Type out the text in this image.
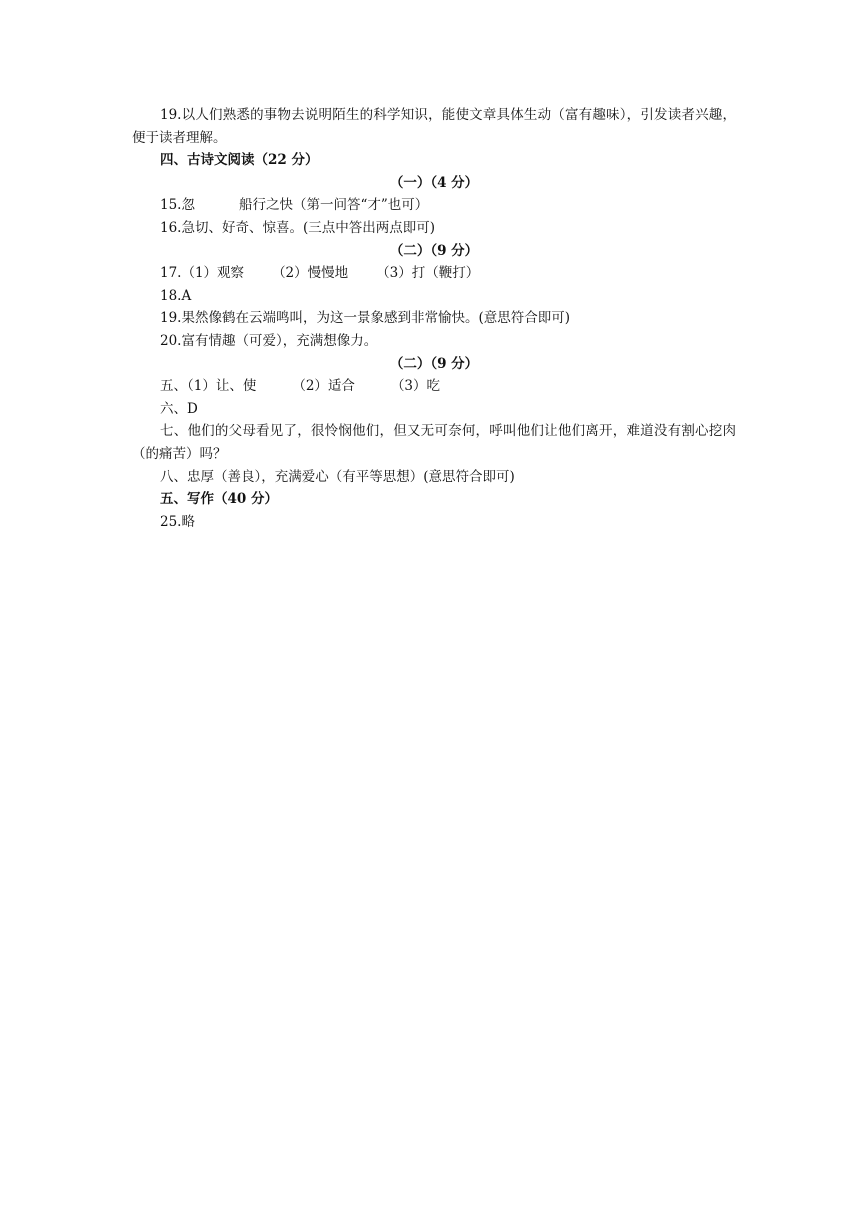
19.以人们熟悉的事物去说明陌生的科学知识，能使文章具体生动（富有趣味），引发读者兴趣，便于读者理解。
四、古诗文阅读（22 分）
（一）（4 分）
15.忽	船行之快（第一问答“才”也可）
16.急切、好奇、惊喜。(三点中答出两点即可)
（二）（9 分）
17.（1）观察 （2）慢慢地 （3）打（鞭打）
18.A
19.果然像鹤在云端鸣叫，为这一景象感到非常愉快。(意思符合即可)
20.富有情趣（可爱），充满想像力。
（二）（9 分）
五、（1）让、使	（2）适合	（3）吃
六、D
七、他们的父母看见了，很怜悯他们，但又无可奈何，呼叫他们让他们离开，难道没有割心挖肉（的痛苦）吗？
八、忠厚（善良），充满爱心（有平等思想）(意思符合即可)
五、写作（40 分）
25.略
